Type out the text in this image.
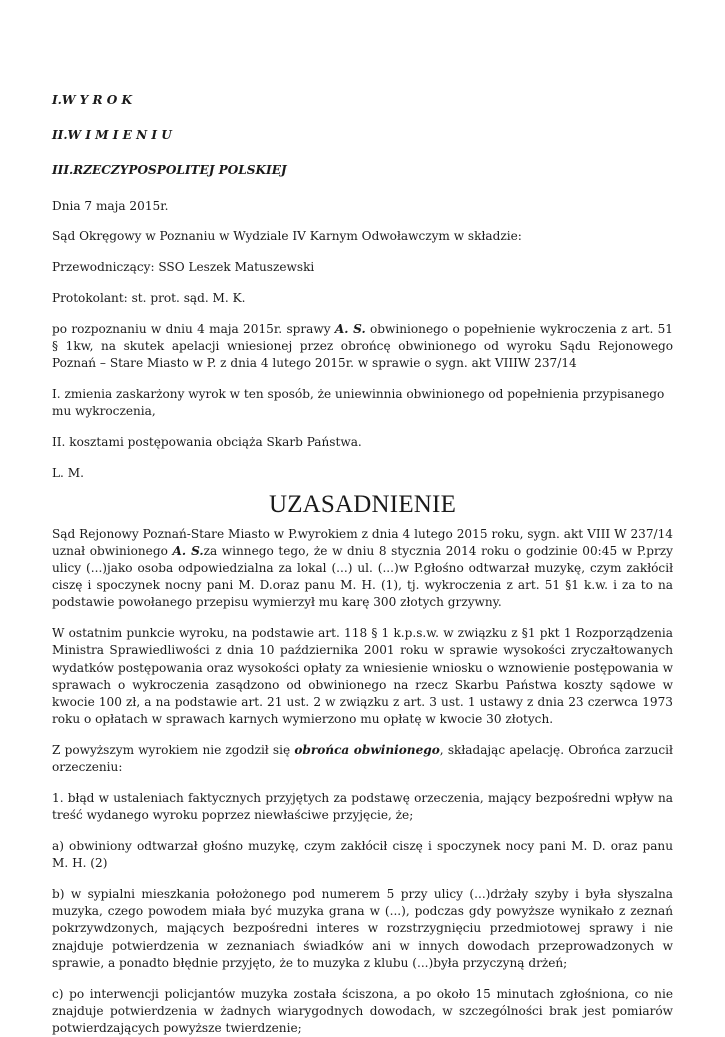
I.W Y R O K

II.W I M I E N I U

III.RZECZYPOSPOLITEJ POLSKIEJ

Dnia 7 maja 2015r.

Sąd Okręgowy w Poznaniu w Wydziale IV Karnym Odwoławczym w składzie:

Przewodniczący: SSO Leszek Matuszewski

Protokolant: st. prot. sąd. M. K.

po rozpoznaniu w dniu 4 maja 2015r. sprawy A. S. obwinionego o popełnienie wykroczenia z art. 51 § 1kw, na skutek apelacji wniesionej przez obrońcę obwinionego od wyroku Sądu Rejonowego Poznań – Stare Miasto w P. z dnia 4 lutego 2015r. w sprawie o sygn. akt VIIIW 237/14

I. zmienia zaskarżony wyrok w ten sposób, że uniewinnia obwinionego od popełnienia przypisanego mu wykroczenia,

II. kosztami postępowania obciąża Skarb Państwa.

L. M.

UZASADNIENIE

Sąd Rejonowy Poznań-Stare Miasto w P.wyrokiem z dnia 4 lutego 2015 roku, sygn. akt VIII W 237/14 uznał obwinionego A. S.za winnego tego, że w dniu 8 stycznia 2014 roku o godzinie 00:45 w P.przy ulicy (...)jako osoba odpowiedzialna za lokal (...) ul. (...)w P.głośno odtwarzał muzykę, czym zakłócił ciszę i spoczynek nocny pani M. D.oraz panu M. H. (1), tj. wykroczenia z art. 51 §1 k.w. i za to na podstawie powołanego przepisu wymierzył mu karę 300 złotych grzywny.

W ostatnim punkcie wyroku, na podstawie art. 118 § 1 k.p.s.w. w związku z §1 pkt 1 Rozporządzenia Ministra Sprawiedliwości z dnia 10 października 2001 roku w sprawie wysokości zryczałtowanych wydatków postępowania oraz wysokości opłaty za wniesienie wniosku o wznowienie postępowania w sprawach o wykroczenia zasądzono od obwinionego na rzecz Skarbu Państwa koszty sądowe w kwocie 100 zł, a na podstawie art. 21 ust. 2 w związku z art. 3 ust. 1 ustawy z dnia 23 czerwca 1973 roku o opłatach w sprawach karnych wymierzono mu opłatę w kwocie 30 złotych.

Z powyższym wyrokiem nie zgodził się obrońca obwinionego, składając apelację. Obrońca zarzucił orzeczeniu:

1. błąd w ustaleniach faktycznych przyjętych za podstawę orzeczenia, mający bezpośredni wpływ na treść wydanego wyroku poprzez niewłaściwe przyjęcie, że;

a) obwiniony odtwarzał głośno muzykę, czym zakłócił ciszę i spoczynek nocy pani M. D. oraz panu M. H. (2)

b) w sypialni mieszkania położonego pod numerem 5 przy ulicy (...)drżały szyby i była słyszalna muzyka, czego powodem miała być muzyka grana w (...), podczas gdy powyższe wynikało z zeznań pokrzywdzonych, mających bezpośredni interes w rozstrzygnięciu przedmiotowej sprawy i nie znajduje potwierdzenia w zeznaniach świadków ani w innych dowodach przeprowadzonych w sprawie, a ponadto błędnie przyjęto, że to muzyka z klubu (...)była przyczyną drżeń;

c) po interwencji policjantów muzyka została ściszona, a po około 15 minutach zgłośniona, co nie znajduje potwierdzenia w żadnych wiarygodnych dowodach, w szczególności brak jest pomiarów potwierdzających powyższe twierdzenie;
